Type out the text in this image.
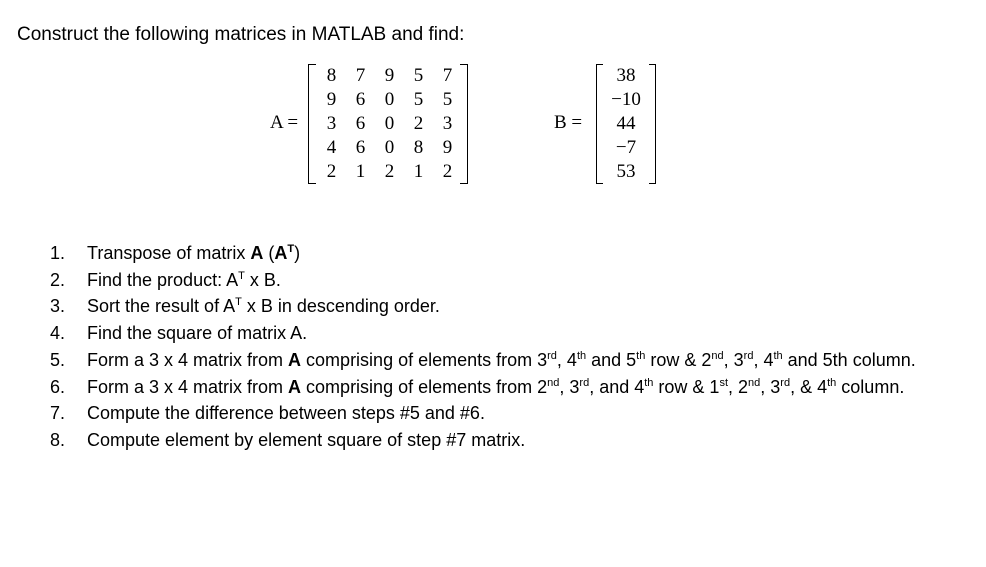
Construct the following matrices in MATLAB and find:
A =
8	7	9	5	7
9	6	0	5	5
3	6	0	2	3
4	6	0	8	9
2	1	2	1	2
B =
38
−10
44
−7
53
1.	Transpose of matrix A $(A^T)$
2.	Find the product: $A^T$ x B.
3.	Sort the result of $A^T$ x B in descending order.
4.	Find the square of matrix A.
5.	Form a 3 x 4 matrix from A comprising of elements from 3rd, 4th and 5th row & 2nd, 3rd, 4th and 5th column.
6.	Form a 3 x 4 matrix from A comprising of elements from 2nd, 3rd, and 4th row & 1st, 2nd, 3rd, & 4th column.
7.	Compute the difference between steps #5 and #6.
8.	Compute element by element square of step #7 matrix.
